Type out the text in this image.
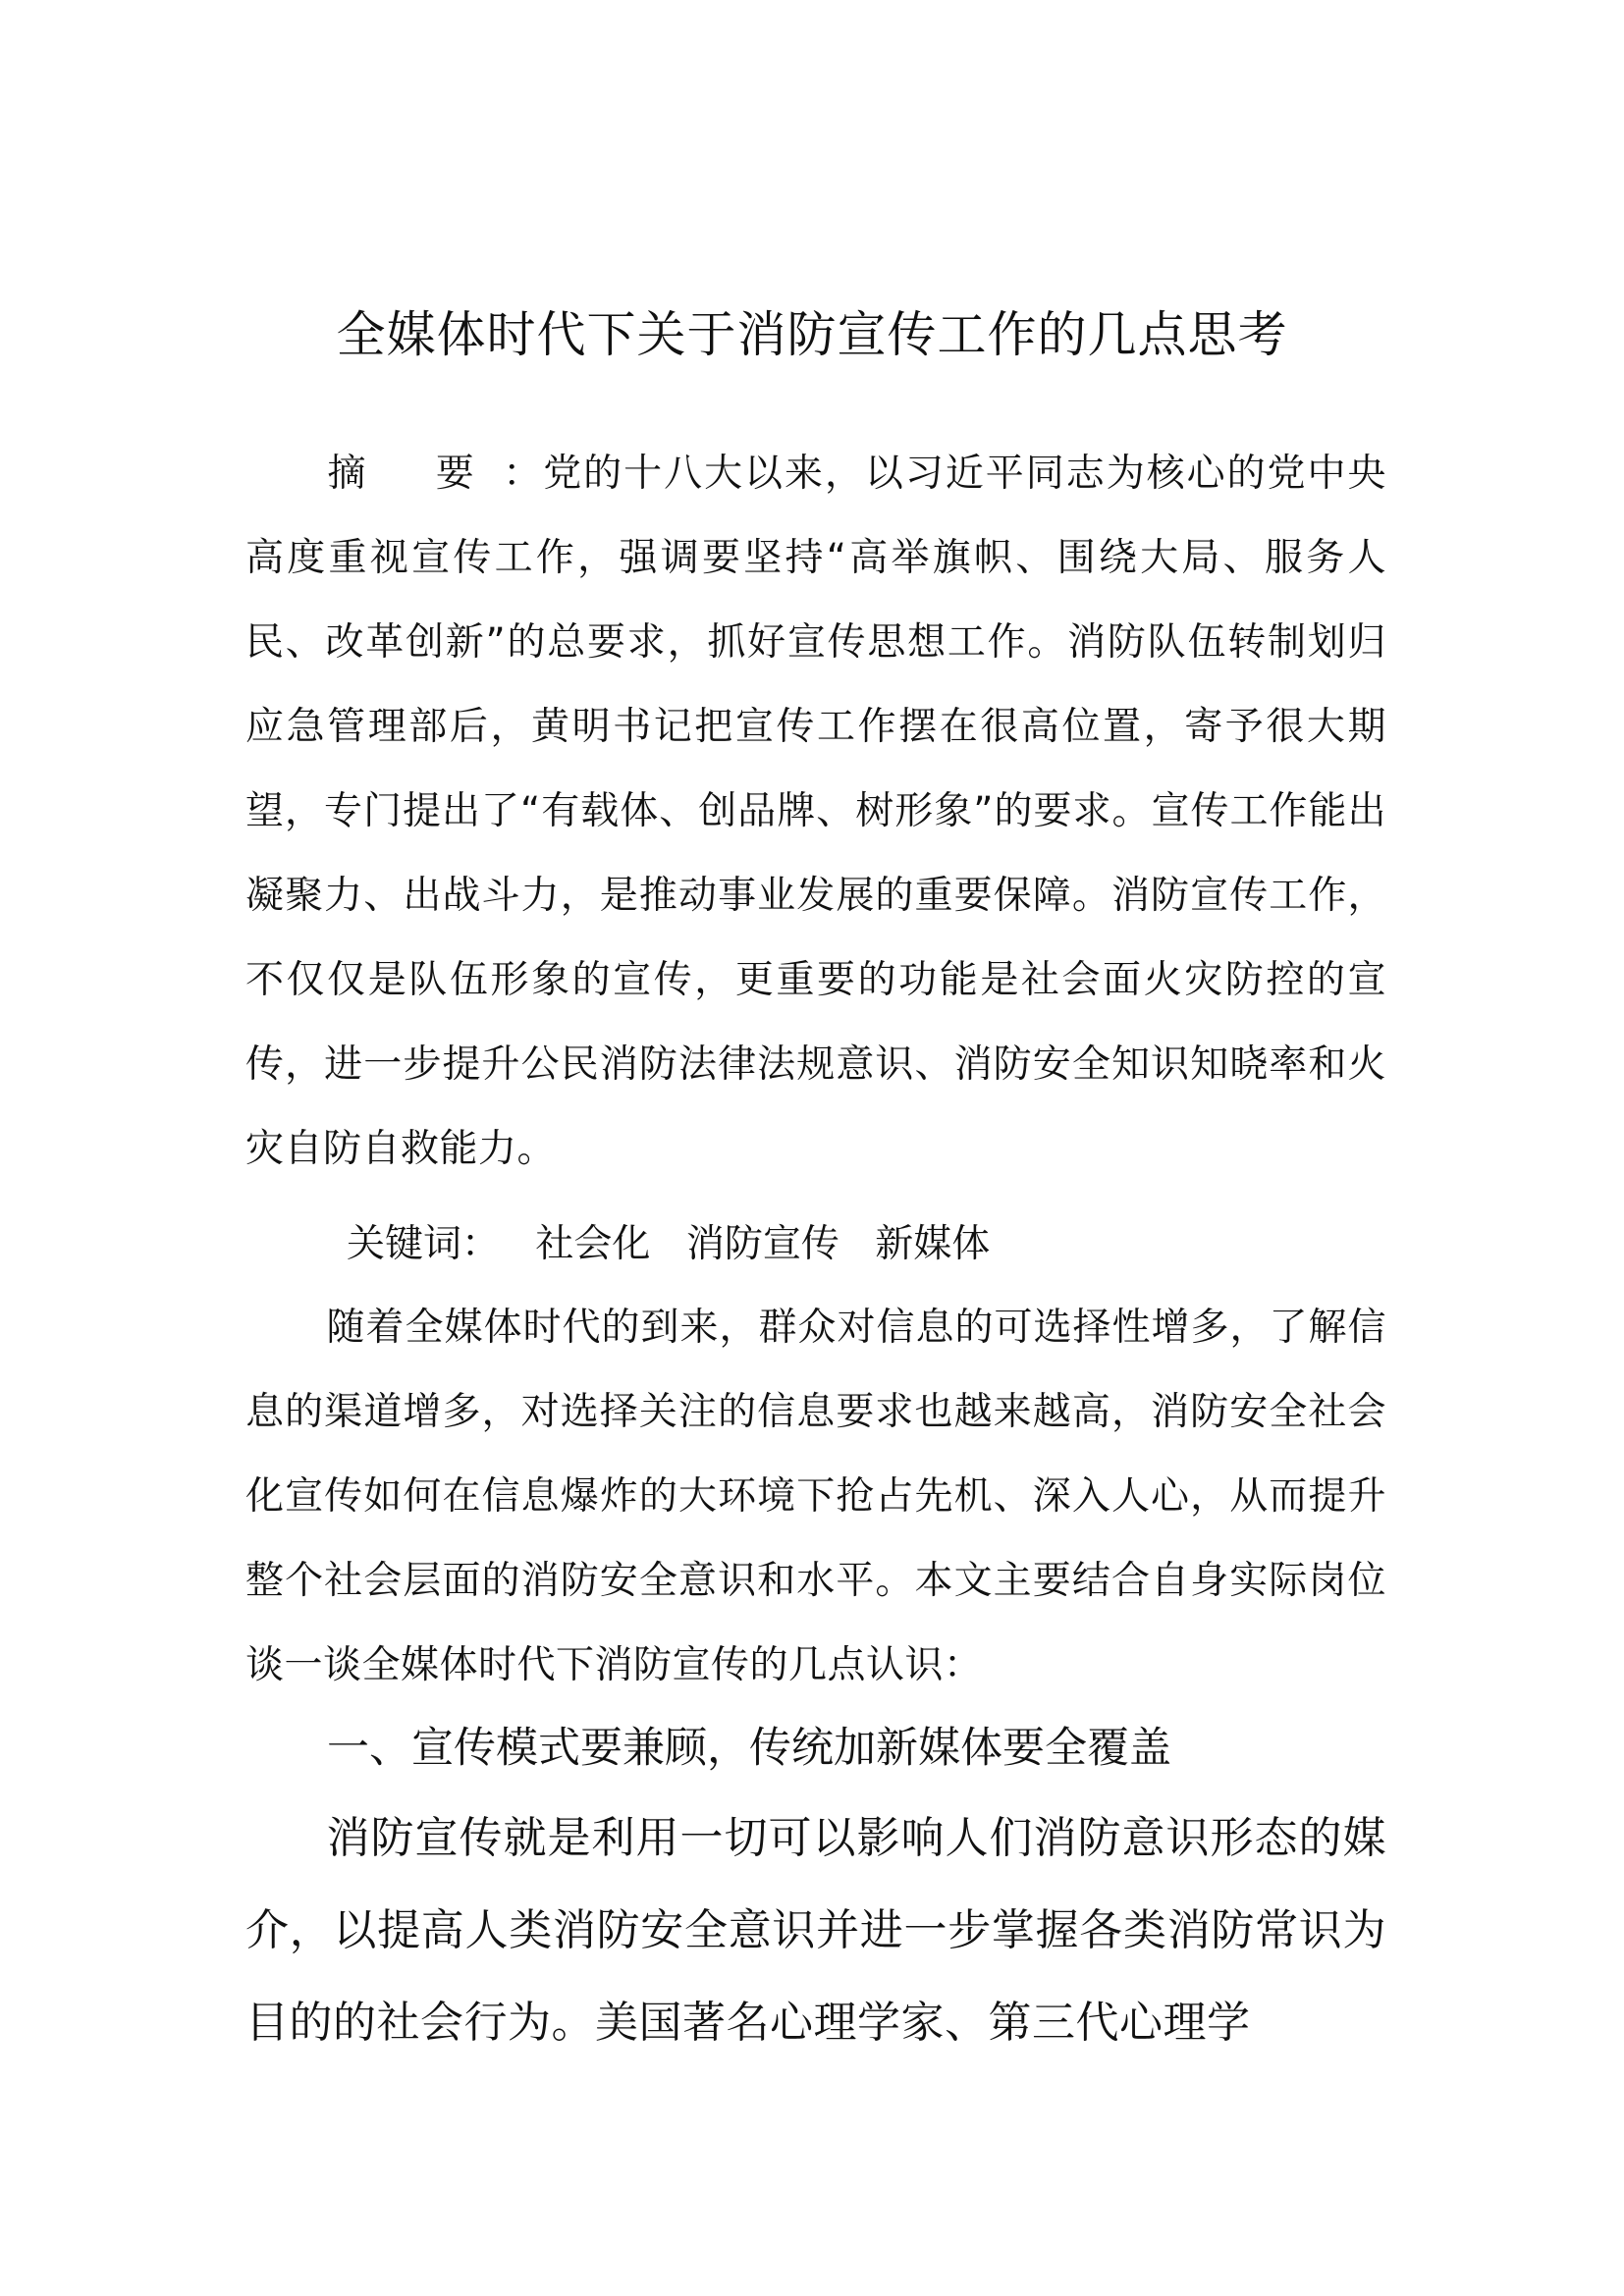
全媒体时代下关于消防宣传工作的几点思考

摘 要：党的十八大以来，以习近平同志为核心的党中央高度重视宣传工作，强调要坚持“高举旗帜、围绕大局、服务人民、改革创新”的总要求，抓好宣传思想工作。消防队伍转制划归应急管理部后，黄明书记把宣传工作摆在很高位置，寄予很大期望，专门提出了“有载体、创品牌、树形象”的要求。宣传工作能出凝聚力、出战斗力，是推动事业发展的重要保障。消防宣传工作，不仅仅是队伍形象的宣传，更重要的功能是社会面火灾防控的宣传，进一步提升公民消防法律法规意识、消防安全知识知晓率和火灾自防自救能力。

关键词： 社会化 消防宣传 新媒体

随着全媒体时代的到来，群众对信息的可选择性增多，了解信息的渠道增多，对选择关注的信息要求也越来越高，消防安全社会化宣传如何在信息爆炸的大环境下抢占先机、深入人心，从而提升整个社会层面的消防安全意识和水平。本文主要结合自身实际岗位谈一谈全媒体时代下消防宣传的几点认识：

一、宣传模式要兼顾，传统加新媒体要全覆盖

消防宣传就是利用一切可以影响人们消防意识形态的媒介，以提高人类消防安全意识并进一步掌握各类消防常识为目的的社会行为。美国著名心理学家、第三代心理学
